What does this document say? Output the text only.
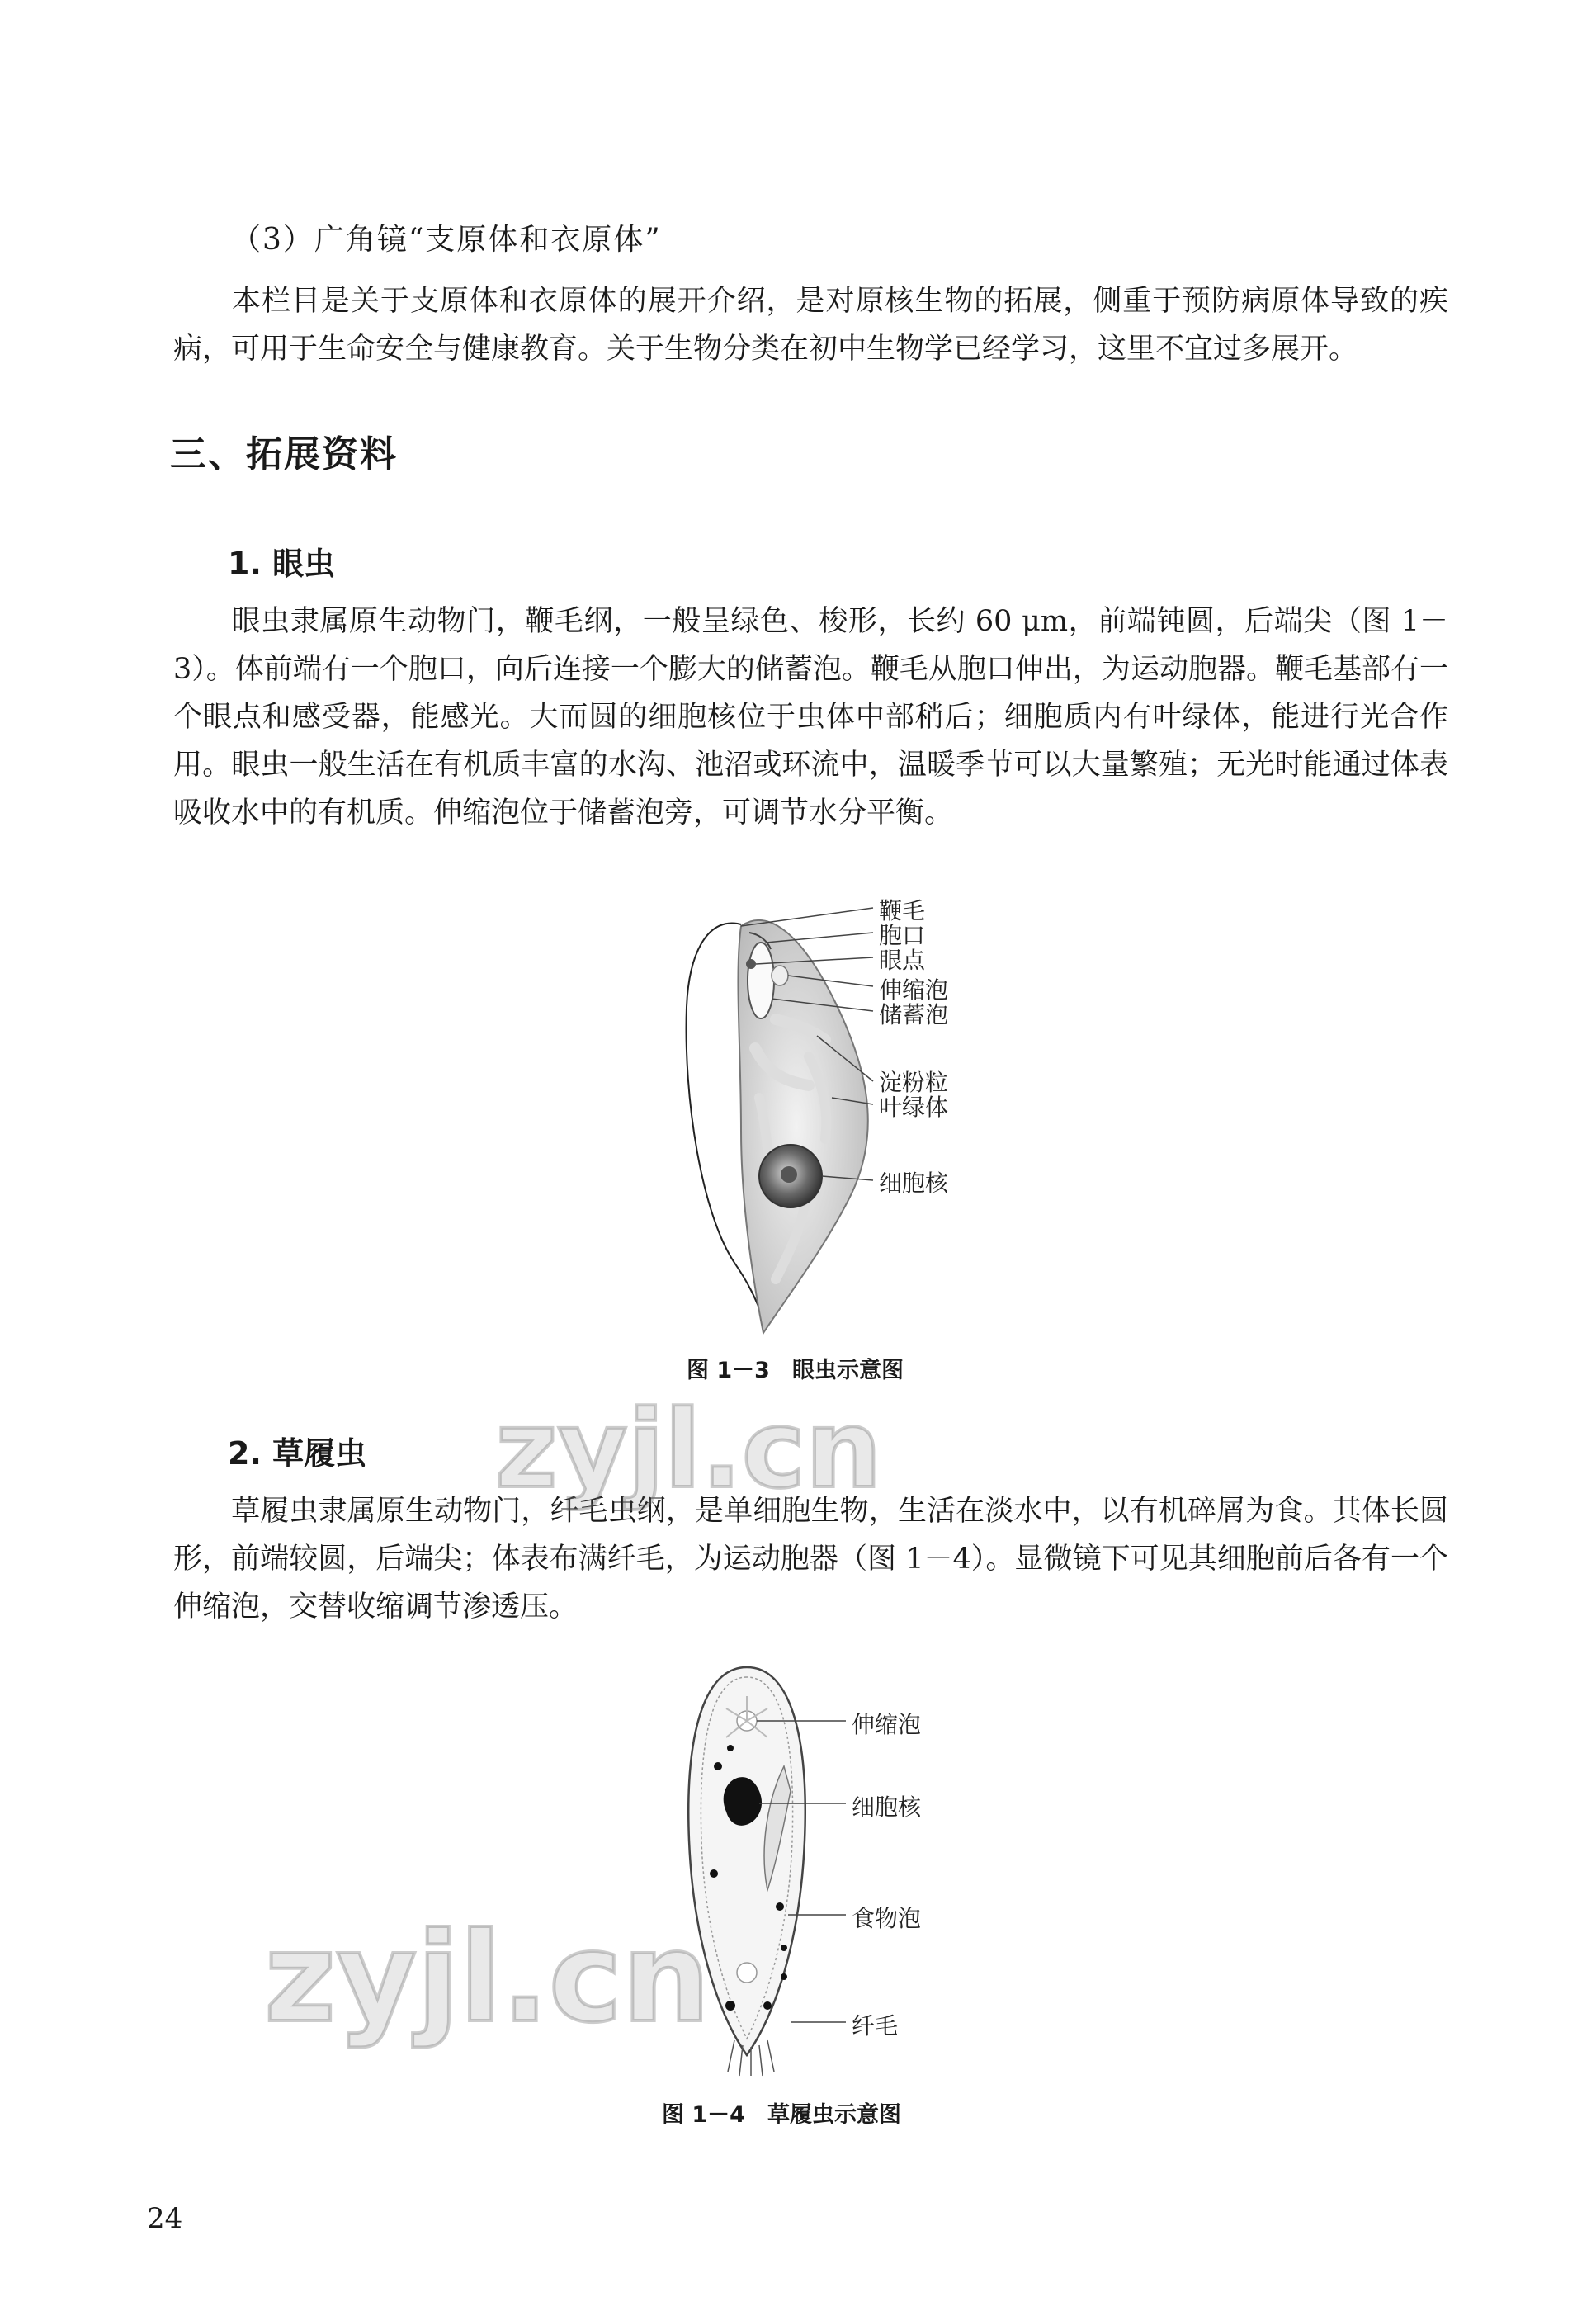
（3）广角镜“支原体和衣原体”
本栏目是关于支原体和衣原体的展开介绍，是对原核生物的拓展，侧重于预防病原体导致的疾病，可用于生命安全与健康教育。关于生物分类在初中生物学已经学习，这里不宜过多展开。
三、拓展资料
1. 眼虫
眼虫隶属原生动物门，鞭毛纲，一般呈绿色、梭形，长约 60 μm，前端钝圆，后端尖（图 1－3）。体前端有一个胞口，向后连接一个膨大的储蓄泡。鞭毛从胞口伸出，为运动胞器。鞭毛基部有一个眼点和感受器，能感光。大而圆的细胞核位于虫体中部稍后；细胞质内有叶绿体，能进行光合作用。眼虫一般生活在有机质丰富的水沟、池沼或环流中，温暖季节可以大量繁殖；无光时能通过体表吸收水中的有机质。伸缩泡位于储蓄泡旁，可调节水分平衡。
鞭毛
胞口
眼点
伸缩泡
储蓄泡
淀粉粒
叶绿体
细胞核
图 1－3　眼虫示意图
2. 草履虫
草履虫隶属原生动物门，纤毛虫纲，是单细胞生物，生活在淡水中，以有机碎屑为食。其体长圆形，前端较圆，后端尖；体表布满纤毛，为运动胞器（图 1－4）。显微镜下可见其细胞前后各有一个伸缩泡，交替收缩调节渗透压。
伸缩泡
细胞核
食物泡
纤毛
图 1－4　草履虫示意图
zyjl.cn
zyjl.cn
24
